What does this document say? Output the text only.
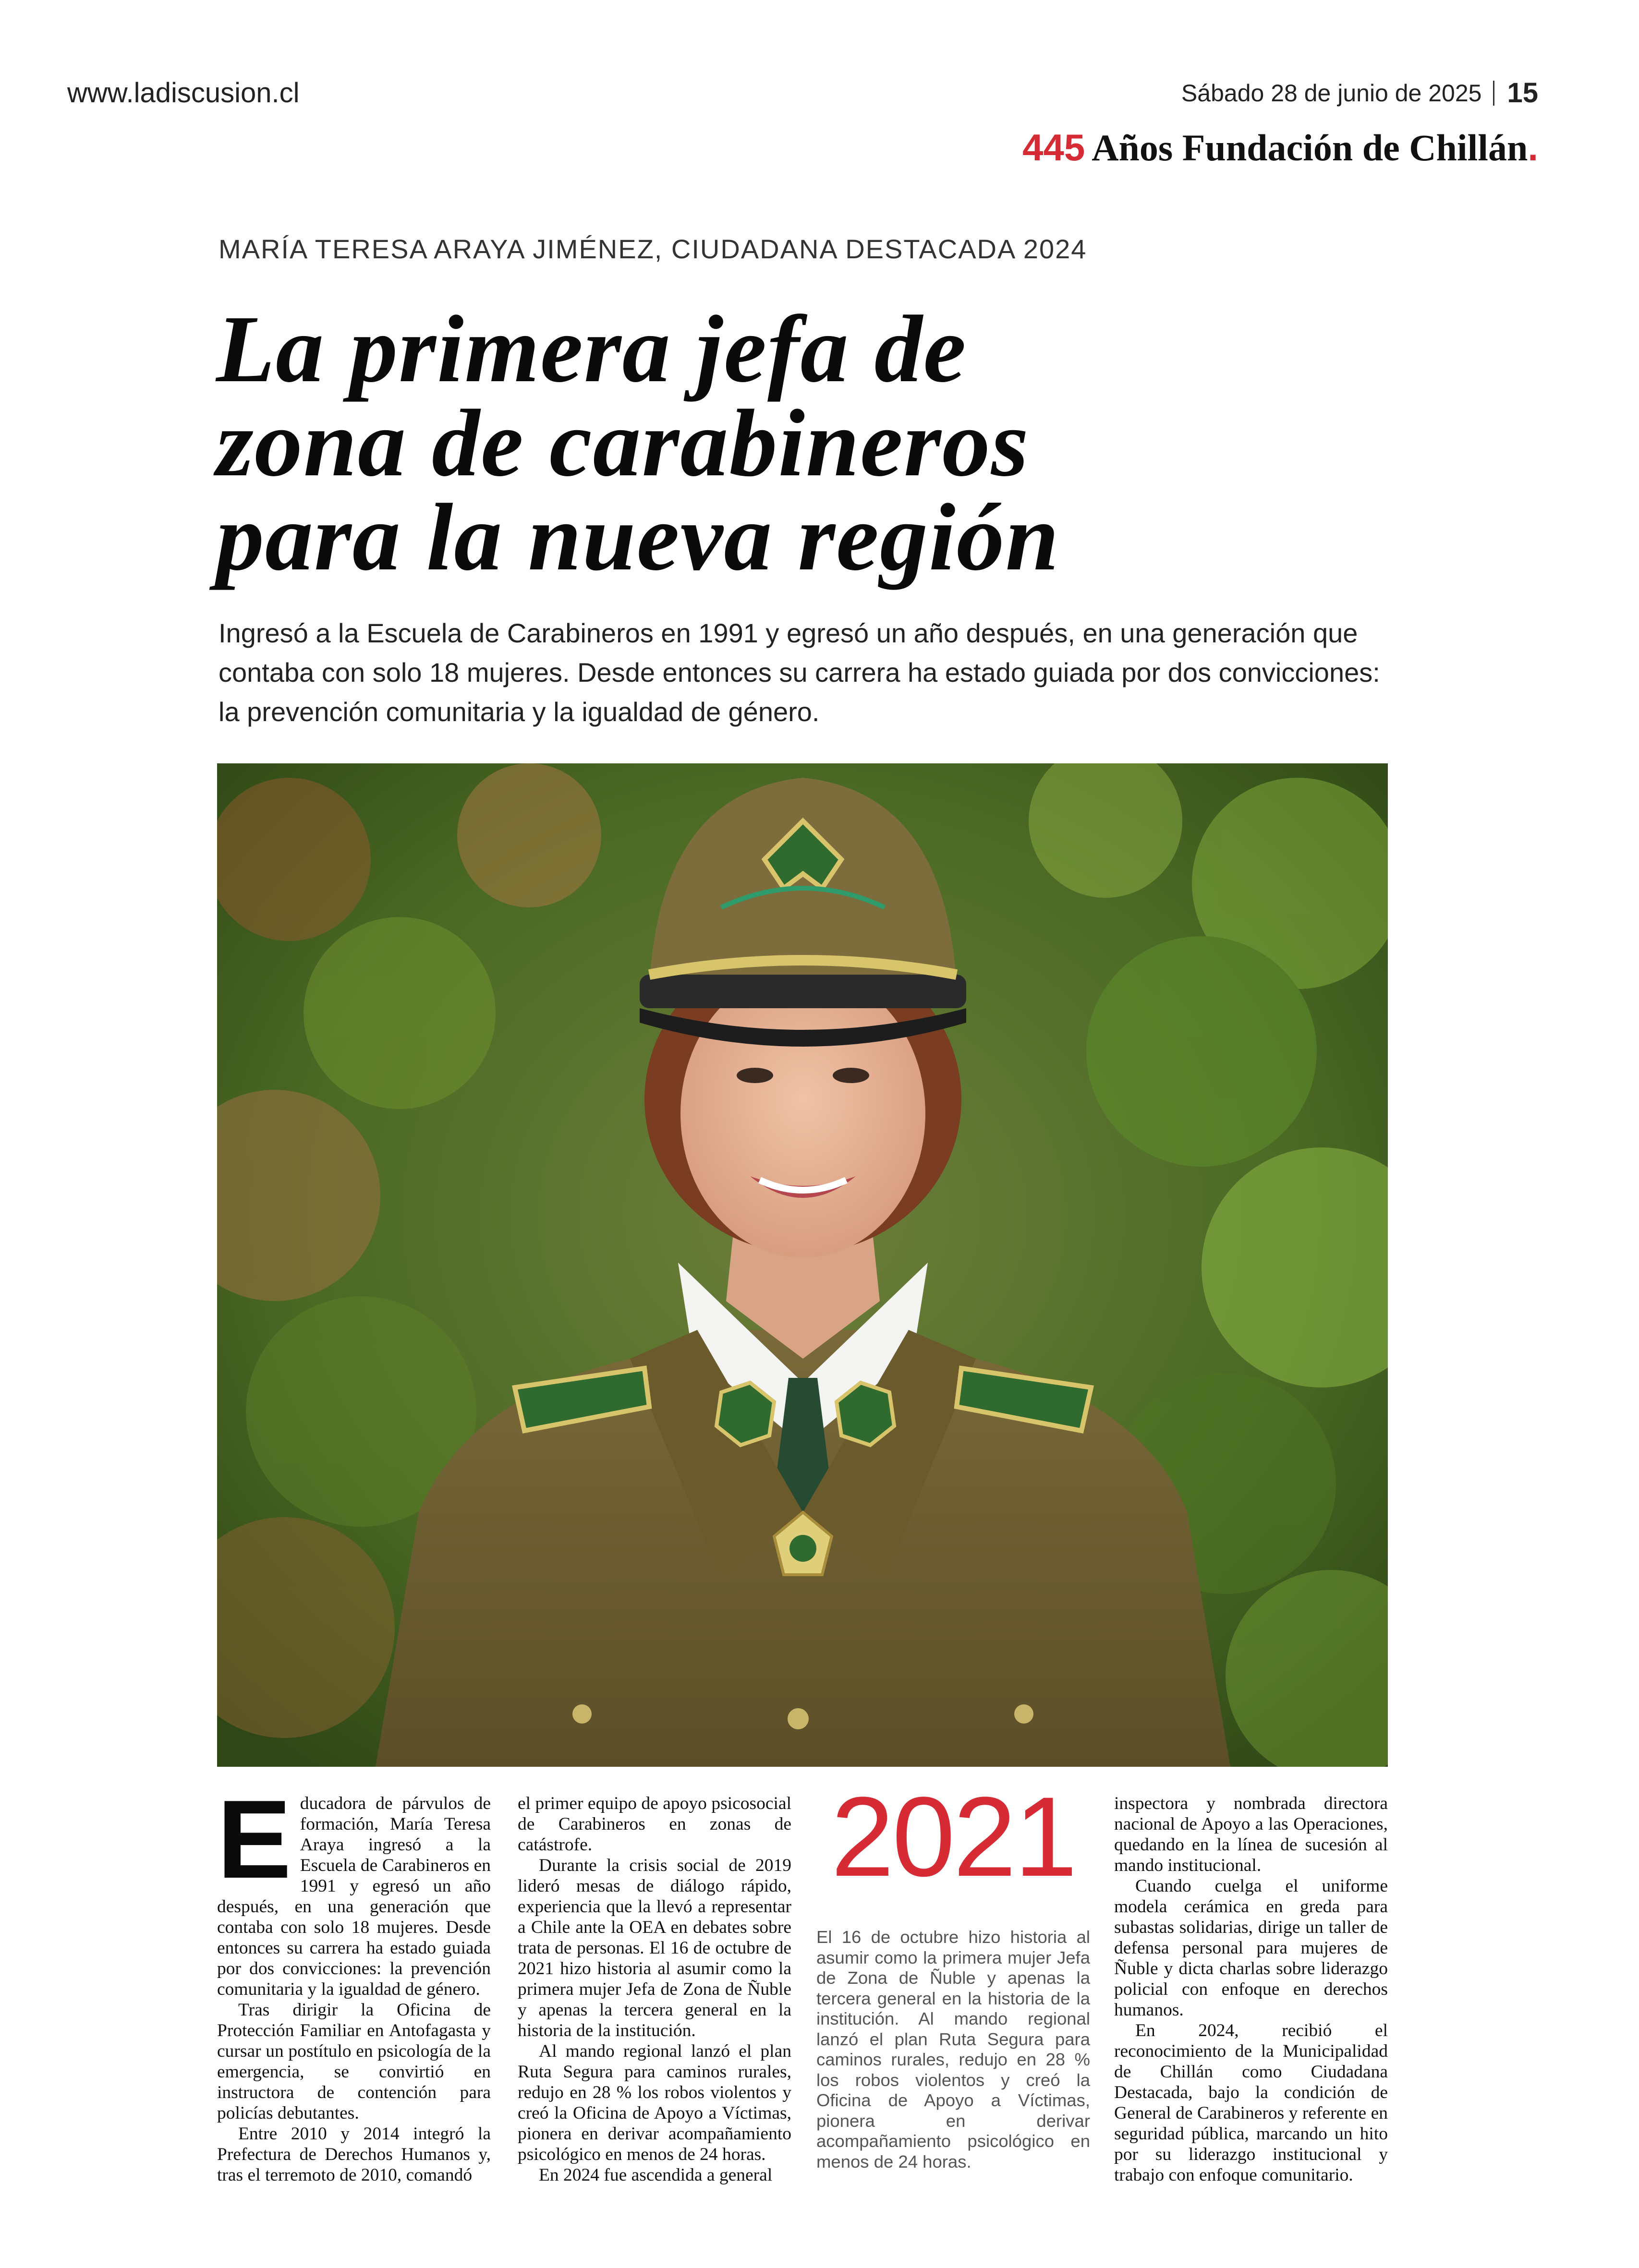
www.ladiscusion.cl	Sábado 28 de junio de 2025 15
445 Años Fundación de Chillán.
MARÍA TERESA ARAYA JIMÉNEZ, CIUDADANA DESTACADA 2024
La primera jefa de
zona de carabineros
para la nueva región

Ingresó a la Escuela de Carabineros en 1991 y egresó un año después, en una generación que contaba con solo 18 mujeres. Desde entonces su carrera ha estado guiada por dos convicciones: la prevención comunitaria y la igualdad de género.

E ducadora de párvulos de formación, María Teresa Araya ingresó a la Escuela de Carabineros en 1991 y egresó un año después, en una generación que contaba con solo 18 mujeres. Desde entonces su carrera ha estado guiada por dos convicciones: la prevención comunitaria y la igualdad de género.

Tras dirigir la Oficina de Protección Familiar en Antofagasta y cursar un postítulo en psicología de la emergencia, se convirtió en instructora de contención para policías debutantes.

Entre 2010 y 2014 integró la Prefectura de Derechos Humanos y, tras el terremoto de 2010, comandó

el primer equipo de apoyo psicosocial de Carabineros en zonas de catástrofe.

Durante la crisis social de 2019 lideró mesas de diálogo rápido, experiencia que la llevó a representar a Chile ante la OEA en debates sobre trata de personas. El 16 de octubre de 2021 hizo historia al asumir como la primera mujer Jefa de Zona de Ñuble y apenas la tercera general en la historia de la institución.

Al mando regional lanzó el plan Ruta Segura para caminos rurales, redujo en 28 % los robos violentos y creó la Oficina de Apoyo a Víctimas, pionera en derivar acompañamiento psicológico en menos de 24 horas.

En 2024 fue ascendida a general

2021
El 16 de octubre hizo historia al asumir como la primera mujer Jefa de Zona de Ñuble y apenas la tercera general en la historia de la institución. Al mando regional lanzó el plan Ruta Segura para caminos rurales, redujo en 28 % los robos violentos y creó la Oficina de Apoyo a Víctimas, pionera en derivar acompañamiento psicológico en menos de 24 horas.

inspectora y nombrada directora nacional de Apoyo a las Operaciones, quedando en la línea de sucesión al mando institucional.

Cuando cuelga el uniforme modela cerámica en greda para subastas solidarias, dirige un taller de defensa personal para mujeres de Ñuble y dicta charlas sobre liderazgo policial con enfoque en derechos humanos.

En 2024, recibió el reconocimiento de la Municipalidad de Chillán como Ciudadana Destacada, bajo la condición de General de Carabineros y referente en seguridad pública, marcando un hito por su liderazgo institucional y trabajo con enfoque comunitario.
